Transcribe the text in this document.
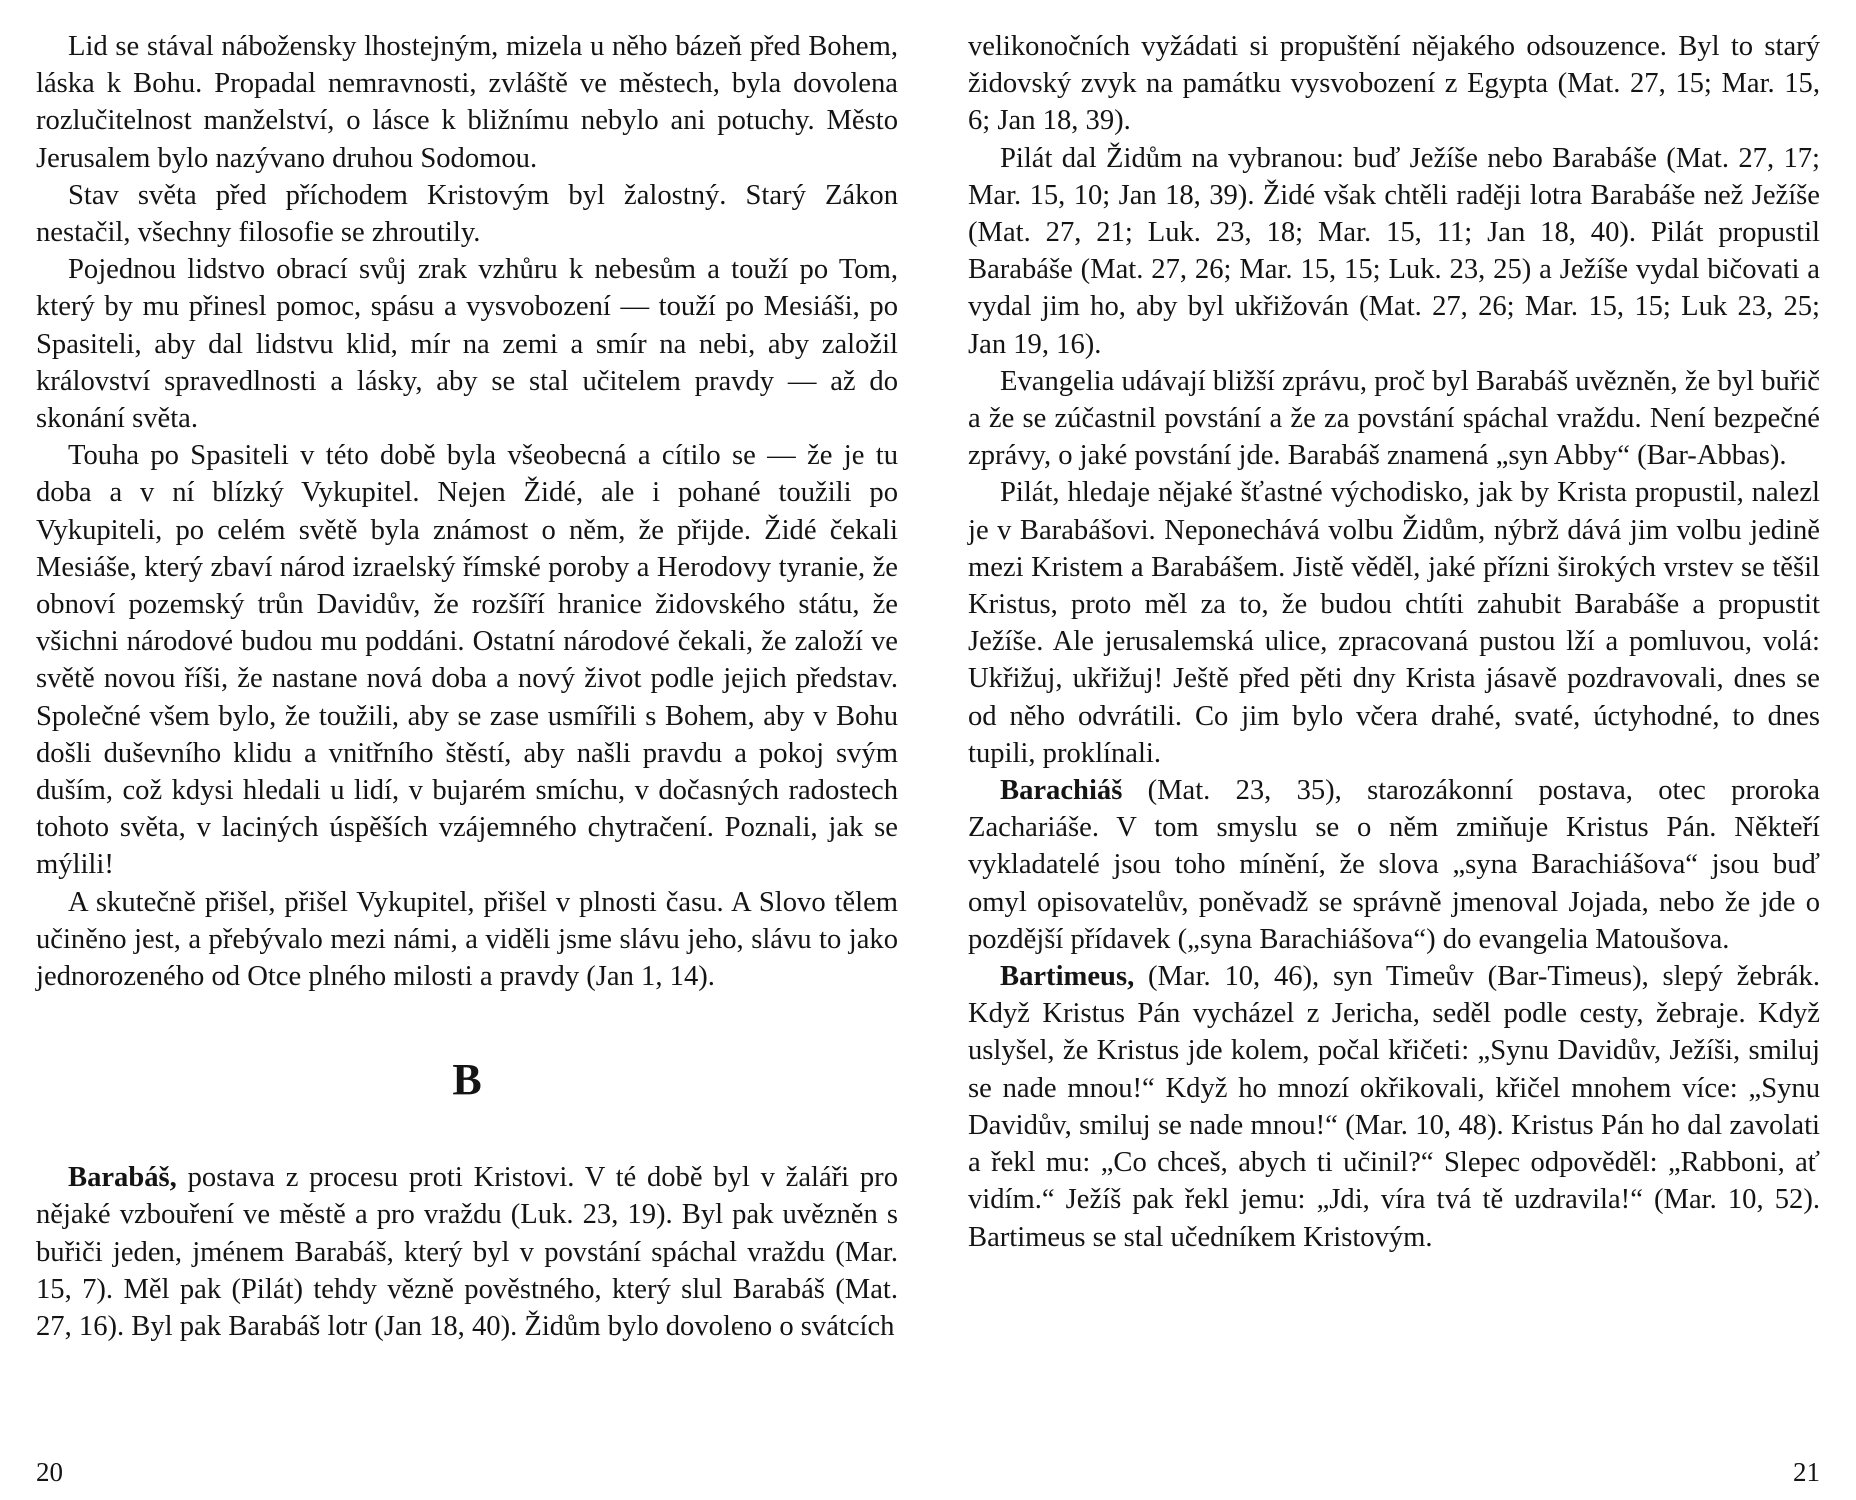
Lid se stával nábožensky lhostejným, mizela u něho bázeň před Bohem, láska k Bohu. Propadal nemravnosti, zvláště ve městech, byla dovolena rozlučitelnost manželství, o lásce k bližnímu nebylo ani potuchy. Město Jerusalem bylo nazývano druhou Sodomou.

Stav světa před příchodem Kristovým byl žalostný. Starý Zákon nestačil, všechny filosofie se zhroutily.

Pojednou lidstvo obrací svůj zrak vzhůru k nebesům a touží po Tom, který by mu přinesl pomoc, spásu a vysvobození — touží po Mesiáši, po Spasiteli, aby dal lidstvu klid, mír na zemi a smír na nebi, aby založil království spravedlnosti a lásky, aby se stal učitelem pravdy — až do skonání světa.

Touha po Spasiteli v této době byla všeobecná a cítilo se — že je tu doba a v ní blízký Vykupitel. Nejen Židé, ale i pohané toužili po Vykupiteli, po celém světě byla známost o něm, že přijde. Židé čekali Mesiáše, který zbaví národ izraelský římské poroby a Herodovy tyranie, že obnoví pozemský trůn Davidův, že rozšíří hranice židovského státu, že všichni národové budou mu poddáni. Ostatní národové čekali, že založí ve světě novou říši, že nastane nová doba a nový život podle jejich představ. Společné všem bylo, že toužili, aby se zase usmířili s Bohem, aby v Bohu došli duševního klidu a vnitřního štěstí, aby našli pravdu a pokoj svým duším, což kdysi hledali u lidí, v bujarém smíchu, v dočasných radostech tohoto světa, v laciných úspěších vzájemného chytračení. Poznali, jak se mýlili!

A skutečně přišel, přišel Vykupitel, přišel v plnosti času. A Slovo tělem učiněno jest, a přebývalo mezi námi, a viděli jsme slávu jeho, slávu to jako jednorozeného od Otce plného milosti a pravdy (Jan 1, 14).

B

Barabáš, postava z procesu proti Kristovi. V té době byl v žaláři pro nějaké vzbouření ve městě a pro vraždu (Luk. 23, 19). Byl pak uvězněn s buřiči jeden, jménem Barabáš, který byl v povstání spáchal vraždu (Mar. 15, 7). Měl pak (Pilát) tehdy vězně pověstného, který slul Barabáš (Mat. 27, 16). Byl pak Barabáš lotr (Jan 18, 40). Židům bylo dovoleno o svátcích

20

velikonočních vyžádati si propuštění nějakého odsouzence. Byl to starý židovský zvyk na památku vysvobození z Egypta (Mat. 27, 15; Mar. 15, 6; Jan 18, 39).

Pilát dal Židům na vybranou: buď Ježíše nebo Barabáše (Mat. 27, 17; Mar. 15, 10; Jan 18, 39). Židé však chtěli raději lotra Barabáše než Ježíše (Mat. 27, 21; Luk. 23, 18; Mar. 15, 11; Jan 18, 40). Pilát propustil Barabáše (Mat. 27, 26; Mar. 15, 15; Luk. 23, 25) a Ježíše vydal bičovati a vydal jim ho, aby byl ukřižován (Mat. 27, 26; Mar. 15, 15; Luk 23, 25; Jan 19, 16).

Evangelia udávají bližší zprávu, proč byl Barabáš uvězněn, že byl buřič a že se zúčastnil povstání a že za povstání spáchal vraždu. Není bezpečné zprávy, o jaké povstání jde. Barabáš znamená „syn Abby“ (Bar-Abbas).

Pilát, hledaje nějaké šťastné východisko, jak by Krista propustil, nalezl je v Barabášovi. Neponechává volbu Židům, nýbrž dává jim volbu jedině mezi Kristem a Barabášem. Jistě věděl, jaké přízni širokých vrstev se těšil Kristus, proto měl za to, že budou chtíti zahubit Barabáše a propustit Ježíše. Ale jerusalemská ulice, zpracovaná pustou lží a pomluvou, volá: Ukřižuj, ukřižuj! Ještě před pěti dny Krista jásavě pozdravovali, dnes se od něho odvrátili. Co jim bylo včera drahé, svaté, úctyhodné, to dnes tupili, proklínali.

Barachiáš (Mat. 23, 35), starozákonní postava, otec proroka Zachariáše. V tom smyslu se o něm zmiňuje Kristus Pán. Někteří vykladatelé jsou toho mínění, že slova „syna Barachiášova“ jsou buď omyl opisovatelův, poněvadž se správně jmenoval Jojada, nebo že jde o pozdější přídavek („syna Barachiášova“) do evangelia Matoušova.

Bartimeus, (Mar. 10, 46), syn Timeův (Bar-Timeus), slepý žebrák. Když Kristus Pán vycházel z Jericha, seděl podle cesty, žebraje. Když uslyšel, že Kristus jde kolem, počal křičeti: „Synu Davidův, Ježíši, smiluj se nade mnou!“ Když ho mnozí okřikovali, křičel mnohem více: „Synu Davidův, smiluj se nade mnou!“ (Mar. 10, 48). Kristus Pán ho dal zavolati a řekl mu: „Co chceš, abych ti učinil?“ Slepec odpověděl: „Rabboni, ať vidím.“ Ježíš pak řekl jemu: „Jdi, víra tvá tě uzdravila!“ (Mar. 10, 52). Bartimeus se stal učedníkem Kristovým.

21
